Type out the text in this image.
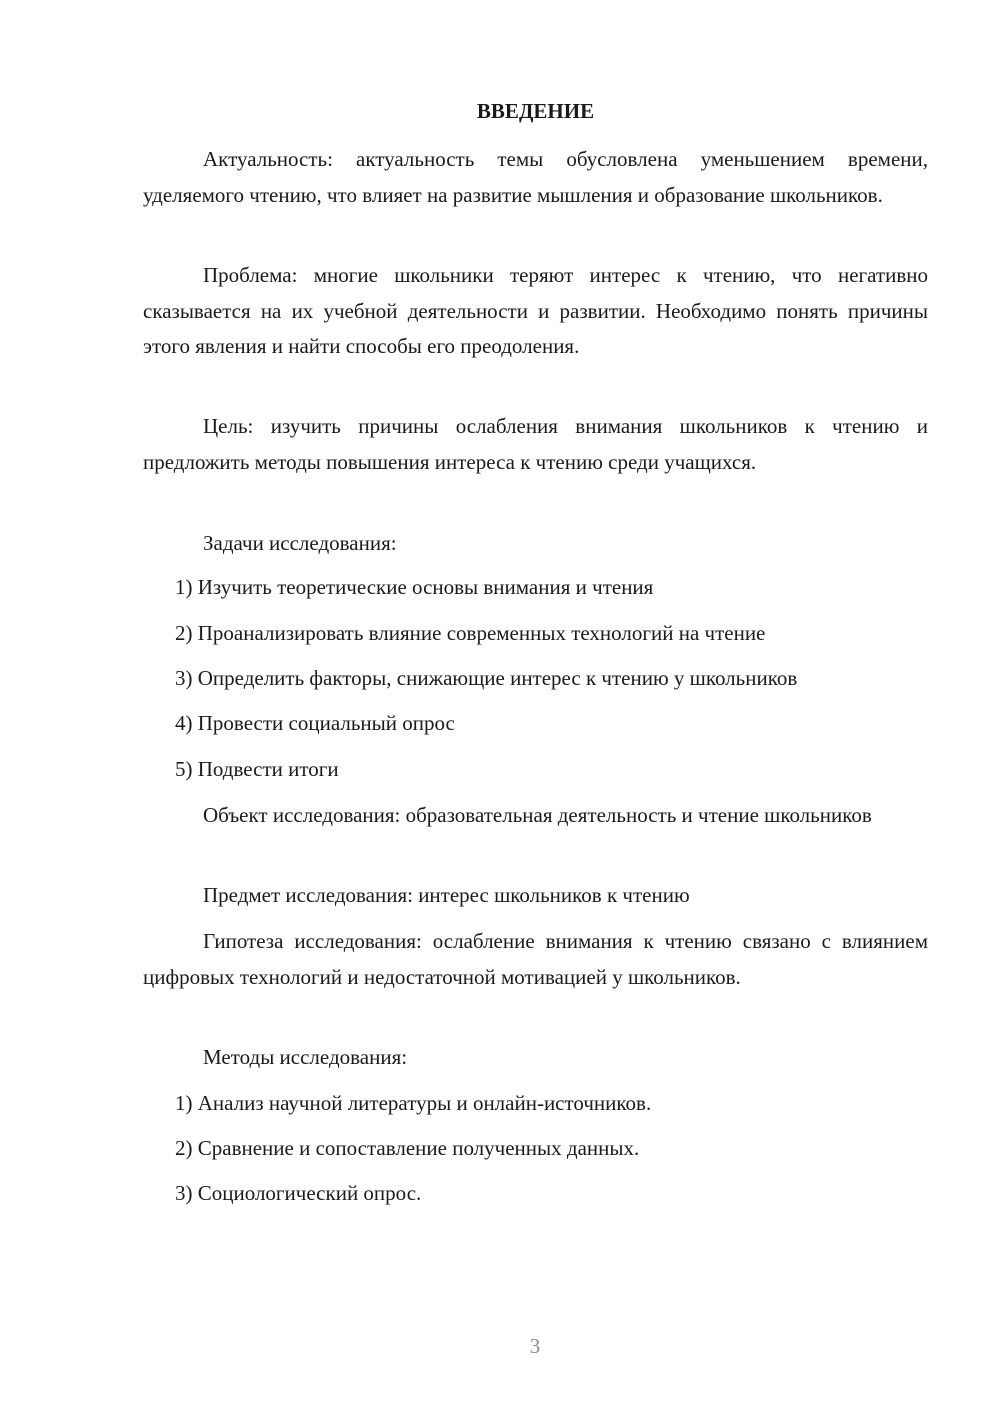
ВВЕДЕНИЕ

Актуальность: актуальность темы обусловлена уменьшением времени, уделяемого чтению, что влияет на развитие мышления и образование школьников.

Проблема: многие школьники теряют интерес к чтению, что негативно сказывается на их учебной деятельности и развитии. Необходимо понять причины этого явления и найти способы его преодоления.

Цель: изучить причины ослабления внимания школьников к чтению и предложить методы повышения интереса к чтению среди учащихся.

Задачи исследования:

1) Изучить теоретические основы внимания и чтения

2) Проанализировать влияние современных технологий на чтение

3) Определить факторы, снижающие интерес к чтению у школьников

4) Провести социальный опрос

5) Подвести итоги

Объект исследования: образовательная деятельность и чтение школьников

Предмет исследования: интерес школьников к чтению

Гипотеза исследования: ослабление внимания к чтению связано с влиянием цифровых технологий и недостаточной мотивацией у школьников.

Методы исследования:

1) Анализ научной литературы и онлайн-источников.

2) Сравнение и сопоставление полученных данных.

3) Социологический опрос.

3
